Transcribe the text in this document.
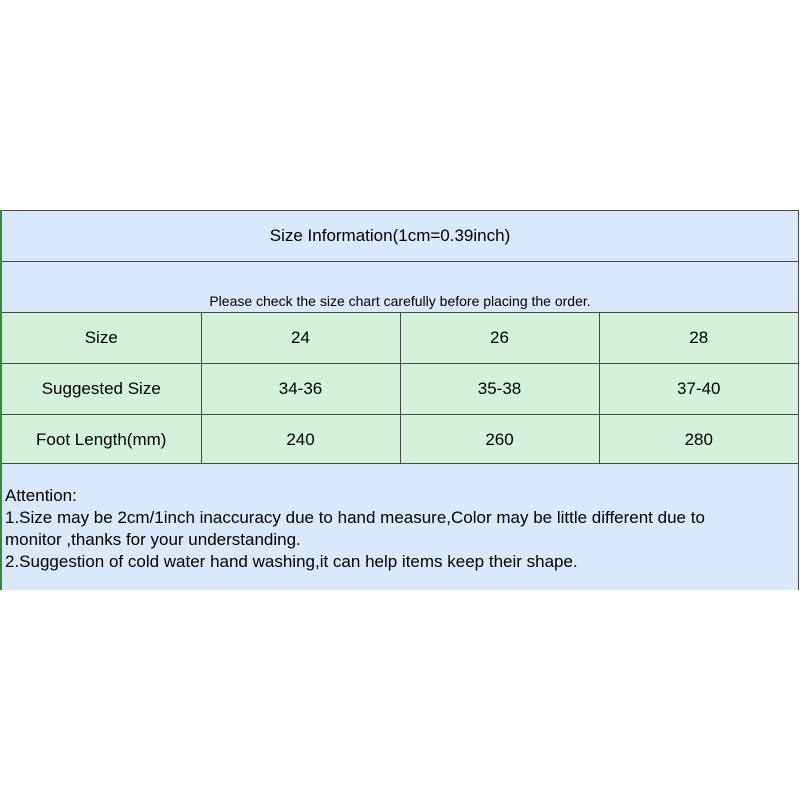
Size Information(1cm=0.39inch)
Please check the size chart carefully before placing the order.
Size	24	26	28
Suggested Size	34-36	35-38	37-40
Foot Length(mm)	240	260	280
Attention:
1.Size may be 2cm/1inch inaccuracy due to hand measure,Color may be little different due to
monitor ,thanks for your understanding.
2.Suggestion of cold water hand washing,it can help items keep their shape.
